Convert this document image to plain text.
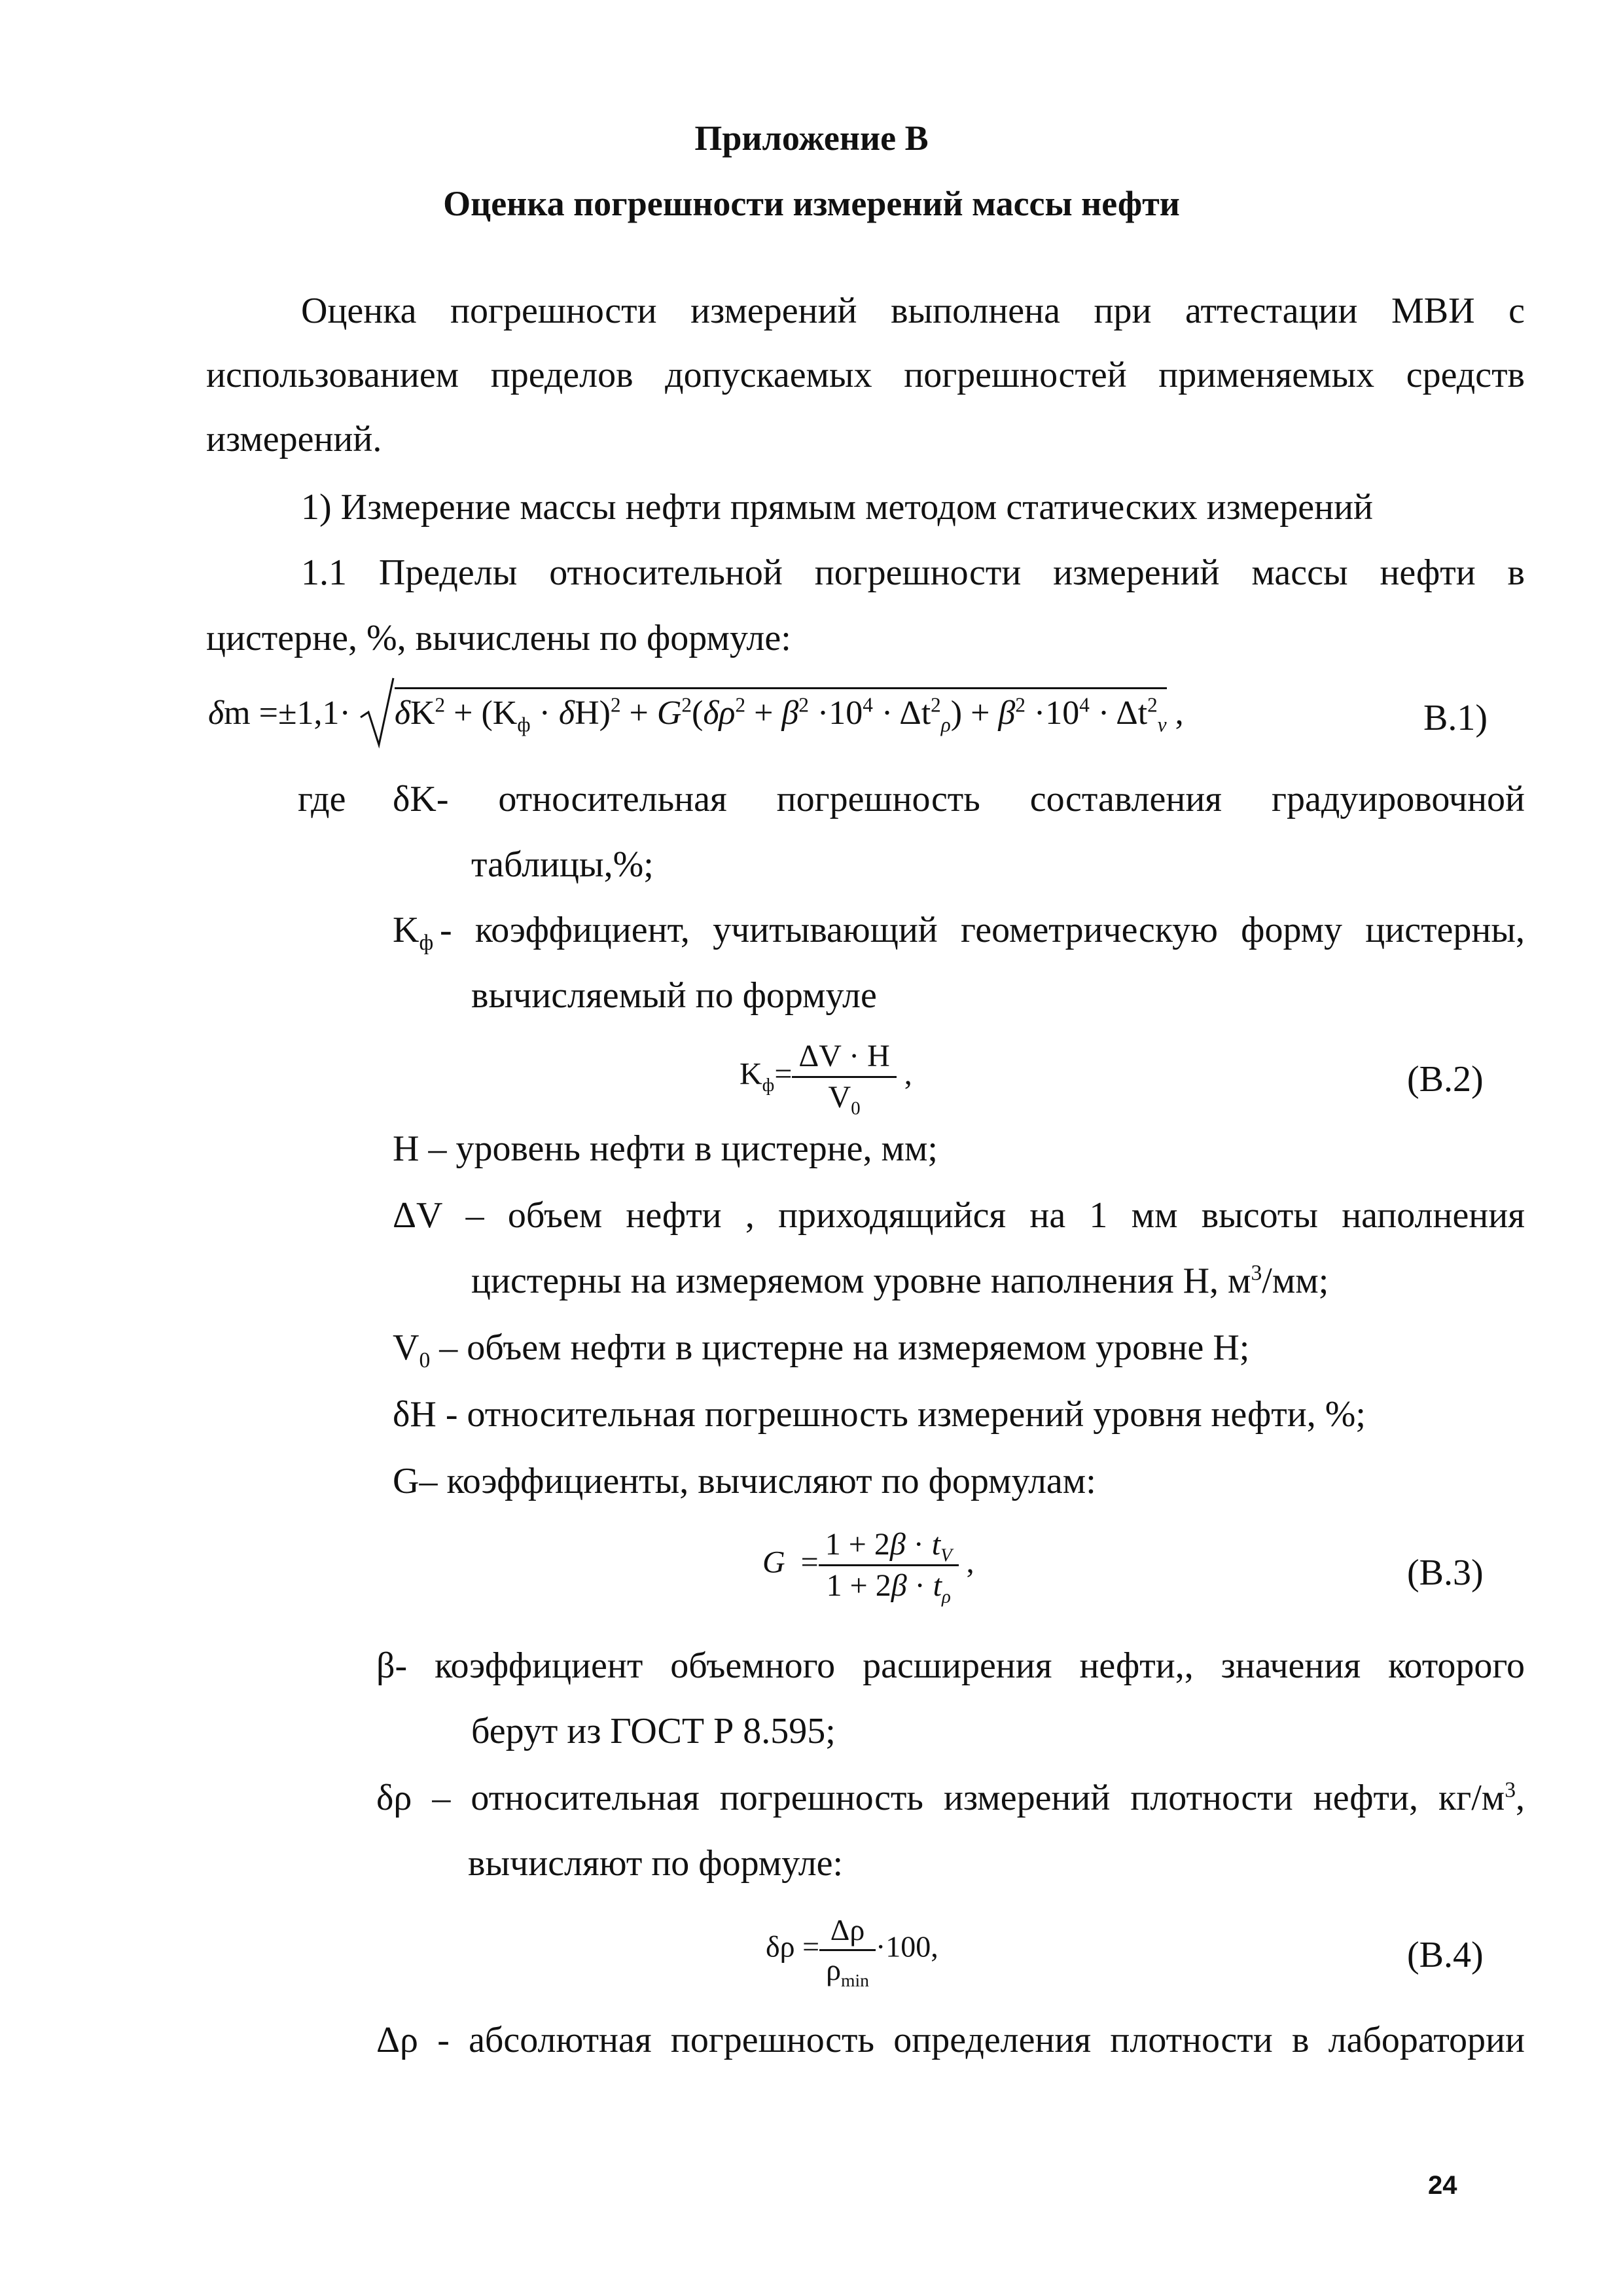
Приложение В
Оценка погрешности измерений массы нефти
Оценка погрешности измерений выполнена при аттестации МВИ с
использованием пределов допускаемых погрешностей применяемых средств
измерений.
1) Измерение массы нефти прямым методом статических измерений
1.1 Пределы относительной погрешности измерений массы нефти в
цистерне, %, вычислены по формуле:
δm =±1,1·
$\delta K^2 + (K_ф \cdot \delta H)^2 + G^2(\delta\rho^2 + \beta^2 \cdot 10^4 \cdot \Delta t^2_\rho) + \beta^2 \cdot 10^4 \cdot \Delta t^2_v$ ,	В.1)
где δK- относительная погрешность составления градуировочной
таблицы,%;
$K_ф$ - коэффициент, учитывающий геометрическую форму цистерны,
вычисляемый по формуле
$K_ф= \frac{\Delta V \cdot H}{V_0}$ ,	(В.2)
Н – уровень нефти в цистерне, мм;
ΔV – объем нефти , приходящийся на 1 мм высоты наполнения
цистерны на измеряемом уровне наполнения Н, $м^3/мм$;
$V_0$ – объем нефти в цистерне на измеряемом уровне Н;
δH - относительная погрешность измерений уровня нефти, %;
G– коэффициенты, вычисляют по формулам:
$G = \frac{1 + 2\beta \cdot t_V}{1 + 2\beta \cdot t_\rho}$ ,	(В.3)
β- коэффициент объемного расширения нефти,, значения которого
берут из ГОСТ Р 8.595;
δρ – относительная погрешность измерений плотности нефти, $кг/м^3$,
вычисляют по формуле:
$\delta\rho = \frac{\Delta\rho}{\rho_{min}} \cdot 100$,	(В.4)
Δρ - абсолютная погрешность определения плотности в лаборатории
24
